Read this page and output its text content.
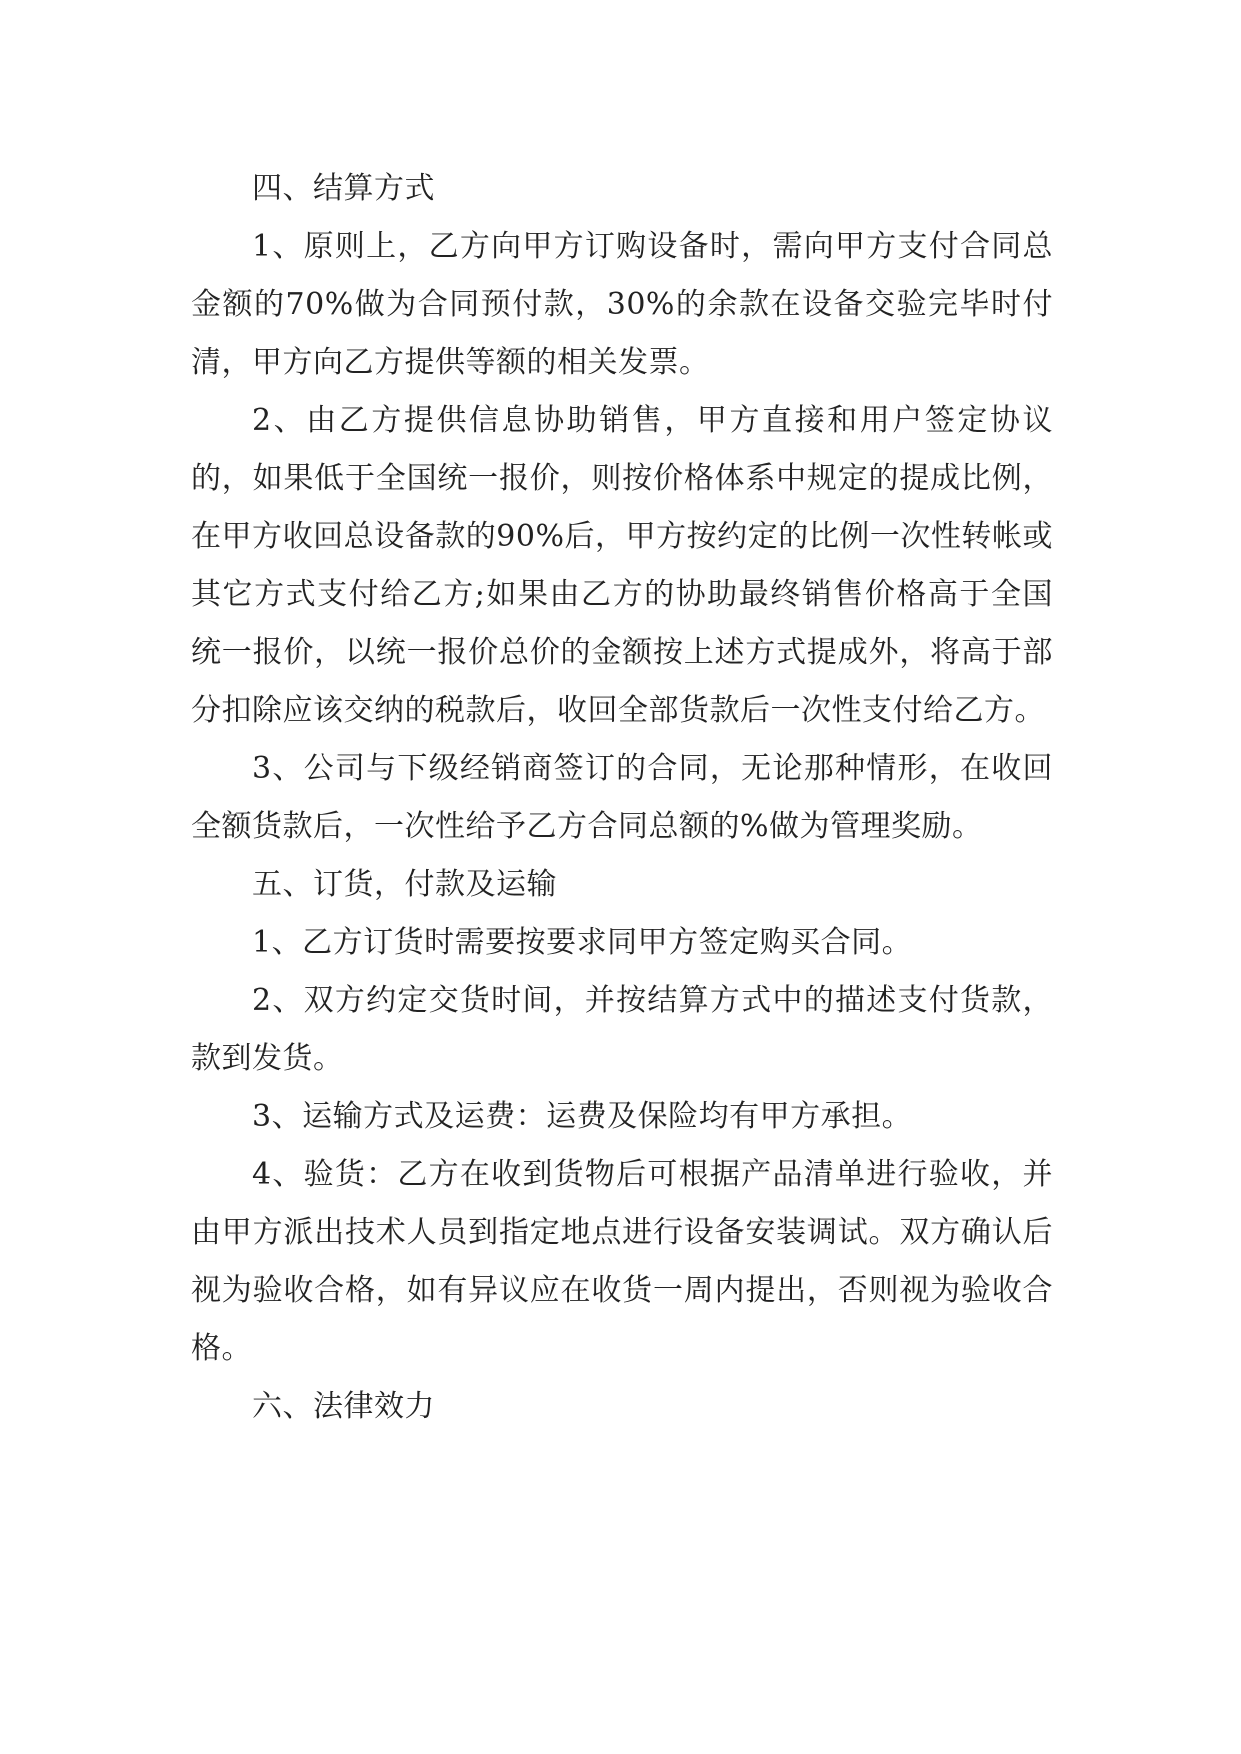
四、结算方式

1、原则上，乙方向甲方订购设备时，需向甲方支付合同总金额的70%做为合同预付款，30%的余款在设备交验完毕时付清，甲方向乙方提供等额的相关发票。

2、由乙方提供信息协助销售，甲方直接和用户签定协议的，如果低于全国统一报价，则按价格体系中规定的提成比例，在甲方收回总设备款的90%后，甲方按约定的比例一次性转帐或其它方式支付给乙方;如果由乙方的协助最终销售价格高于全国统一报价，以统一报价总价的金额按上述方式提成外，将高于部分扣除应该交纳的税款后，收回全部货款后一次性支付给乙方。

3、公司与下级经销商签订的合同，无论那种情形，在收回全额货款后，一次性给予乙方合同总额的%做为管理奖励。

五、订货，付款及运输

1、乙方订货时需要按要求同甲方签定购买合同。

2、双方约定交货时间，并按结算方式中的描述支付货款，款到发货。

3、运输方式及运费：运费及保险均有甲方承担。

4、验货：乙方在收到货物后可根据产品清单进行验收，并由甲方派出技术人员到指定地点进行设备安装调试。双方确认后视为验收合格，如有异议应在收货一周内提出，否则视为验收合格。

六、法律效力
